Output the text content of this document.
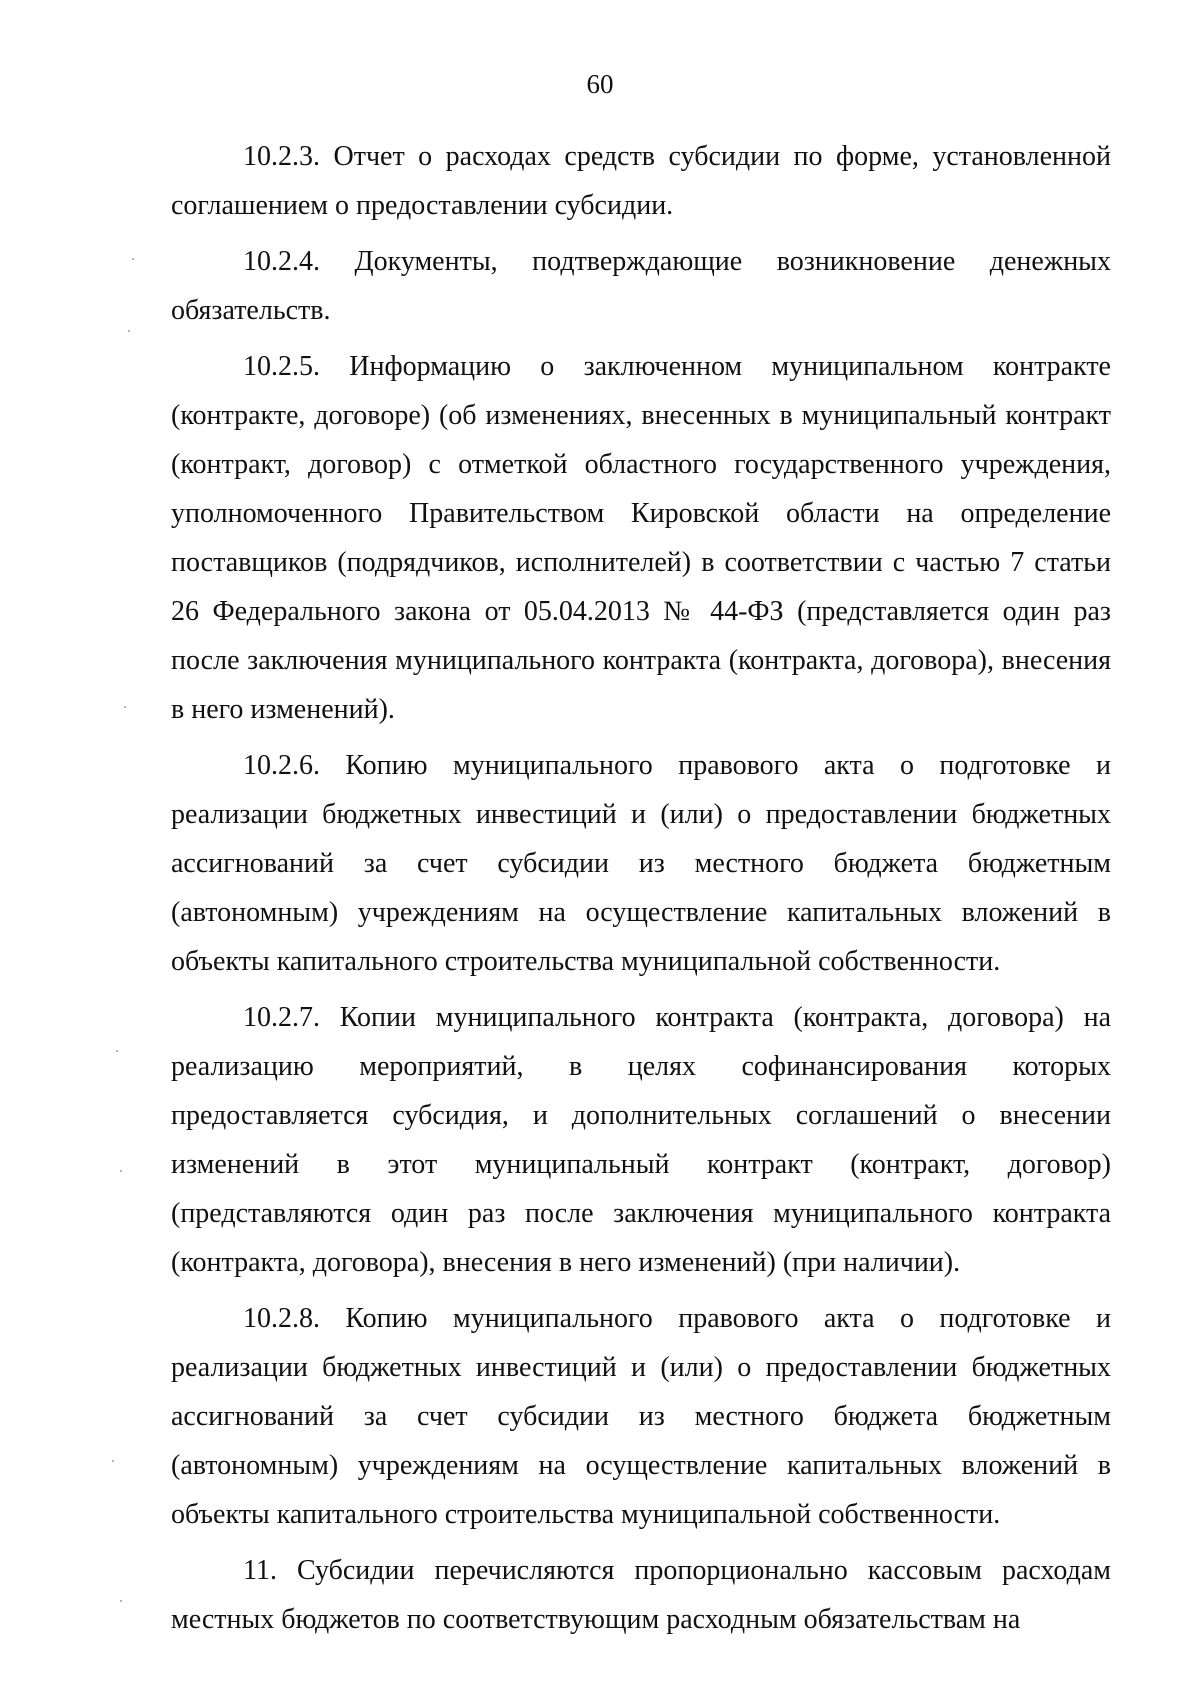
60

10.2.3. Отчет о расходах средств субсидии по форме, установленной соглашением о предоставлении субсидии.

10.2.4. Документы, подтверждающие возникновение денежных обязательств.

10.2.5. Информацию о заключенном муниципальном контракте (контракте, договоре) (об изменениях, внесенных в муниципальный контракт (контракт, договор) с отметкой областного государственного учреждения, уполномоченного Правительством Кировской области на определение поставщиков (подрядчиков, исполнителей) в соответствии с частью 7 статьи 26 Федерального закона от 05.04.2013 № 44-ФЗ (представляется один раз после заключения муниципального контракта (контракта, договора), внесения в него изменений).

10.2.6. Копию муниципального правового акта о подготовке и реализации бюджетных инвестиций и (или) о предоставлении бюджетных ассигнований за счет субсидии из местного бюджета бюджетным (автономным) учреждениям на осуществление капитальных вложений в объекты капитального строительства муниципальной собственности.

10.2.7. Копии муниципального контракта (контракта, договора) на реализацию мероприятий, в целях софинансирования которых предоставляется субсидия, и дополнительных соглашений о внесении изменений в этот муниципальный контракт (контракт, договор) (представляются один раз после заключения муниципального контракта (контракта, договора), внесения в него изменений) (при наличии).

10.2.8. Копию муниципального правового акта о подготовке и реализации бюджетных инвестиций и (или) о предоставлении бюджетных ассигнований за счет субсидии из местного бюджета бюджетным (автономным) учреждениям на осуществление капитальных вложений в объекты капитального строительства муниципальной собственности.

11. Субсидии перечисляются пропорционально кассовым расходам местных бюджетов по соответствующим расходным обязательствам на
